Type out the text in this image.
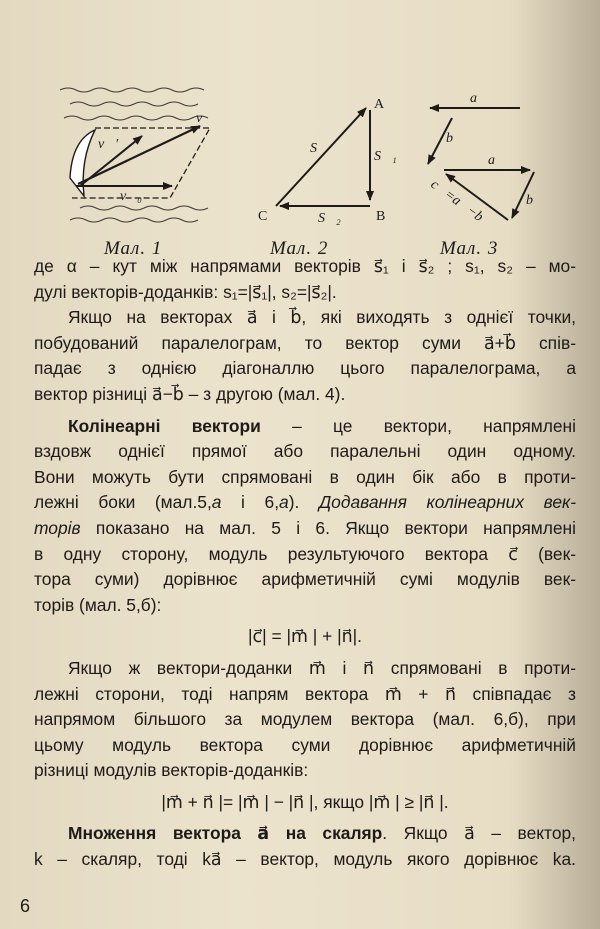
v⃗
v⃗′
v⃗₀
A
B
C
S⃗
S⃗₁
S⃗₂
a⃗
b⃗
a⃗
b⃗
c⃗=a⃗−b⃗
Мал. 1	Мал. 2	Мал. 3
де α – кут між напрямами векторів s⃗₁ і s⃗₂ ; s₁, s₂ – мо-
дулі векторів-доданків: s₁=|s⃗₁|, s₂=|s⃗₂|.
Якщо на векторах a⃗ і b⃗, які виходять з однієї точки,
побудований паралелограм, то вектор суми a⃗+b⃗ спів-
падає з однією діагоналлю цього паралелограма, а
вектор різниці a⃗−b⃗ – з другою (мал. 4).
Колінеарні вектори – це вектори, напрямлені
вздовж однієї прямої або паралельні один одному.
Вони можуть бути спрямовані в один бік або в проти-
лежні боки (мал.5,а і 6,а). Додавання колінеарних век-
торів показано на мал. 5 і 6. Якщо вектори напрямлені
в одну сторону, модуль результуючого вектора c⃗ (век-
тора суми) дорівнює арифметичній сумі модулів век-
торів (мал. 5,б):
|c⃗| = |m⃗ | + |n⃗|.
Якщо ж вектори-доданки m⃗ і n⃗ спрямовані в проти-
лежні сторони, тоді напрям вектора m⃗ + n⃗ співпадає з
напрямом більшого за модулем вектора (мал. 6,б), при
цьому модуль вектора суми дорівнює арифметичній
різниці модулів векторів-доданків:
|m⃗ + n⃗ |= |m⃗ | − |n⃗ |, якщо |m⃗ | ≥ |n⃗ |.
Множення вектора a⃗ на скаляр. Якщо a⃗ – вектор,
k – скаляр, тоді ka⃗ – вектор, модуль якого дорівнює ka.
6
